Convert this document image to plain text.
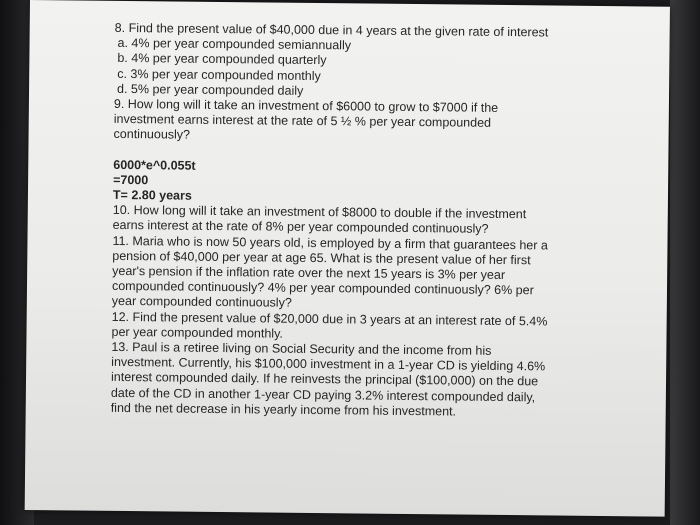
8. Find the present value of $40,000 due in 4 years at the given rate of interest
a. 4% per year compounded semiannually
b. 4% per year compounded quarterly
c. 3% per year compounded monthly
d. 5% per year compounded daily
9. How long will it take an investment of $6000 to grow to $7000 if the
investment earns interest at the rate of 5 ½ % per year compounded
continuously?
6000*e^0.055t
=7000
T= 2.80 years
10. How long will it take an investment of $8000 to double if the investment
earns interest at the rate of 8% per year compounded continuously?
11. Maria who is now 50 years old, is employed by a firm that guarantees her a
pension of $40,000 per year at age 65. What is the present value of her first
year's pension if the inflation rate over the next 15 years is 3% per year
compounded continuously? 4% per year compounded continuously? 6% per
year compounded continuously?
12. Find the present value of $20,000 due in 3 years at an interest rate of 5.4%
per year compounded monthly.
13. Paul is a retiree living on Social Security and the income from his
investment. Currently, his $100,000 investment in a 1-year CD is yielding 4.6%
interest compounded daily. If he reinvests the principal ($100,000) on the due
date of the CD in another 1-year CD paying 3.2% interest compounded daily,
find the net decrease in his yearly income from his investment.
